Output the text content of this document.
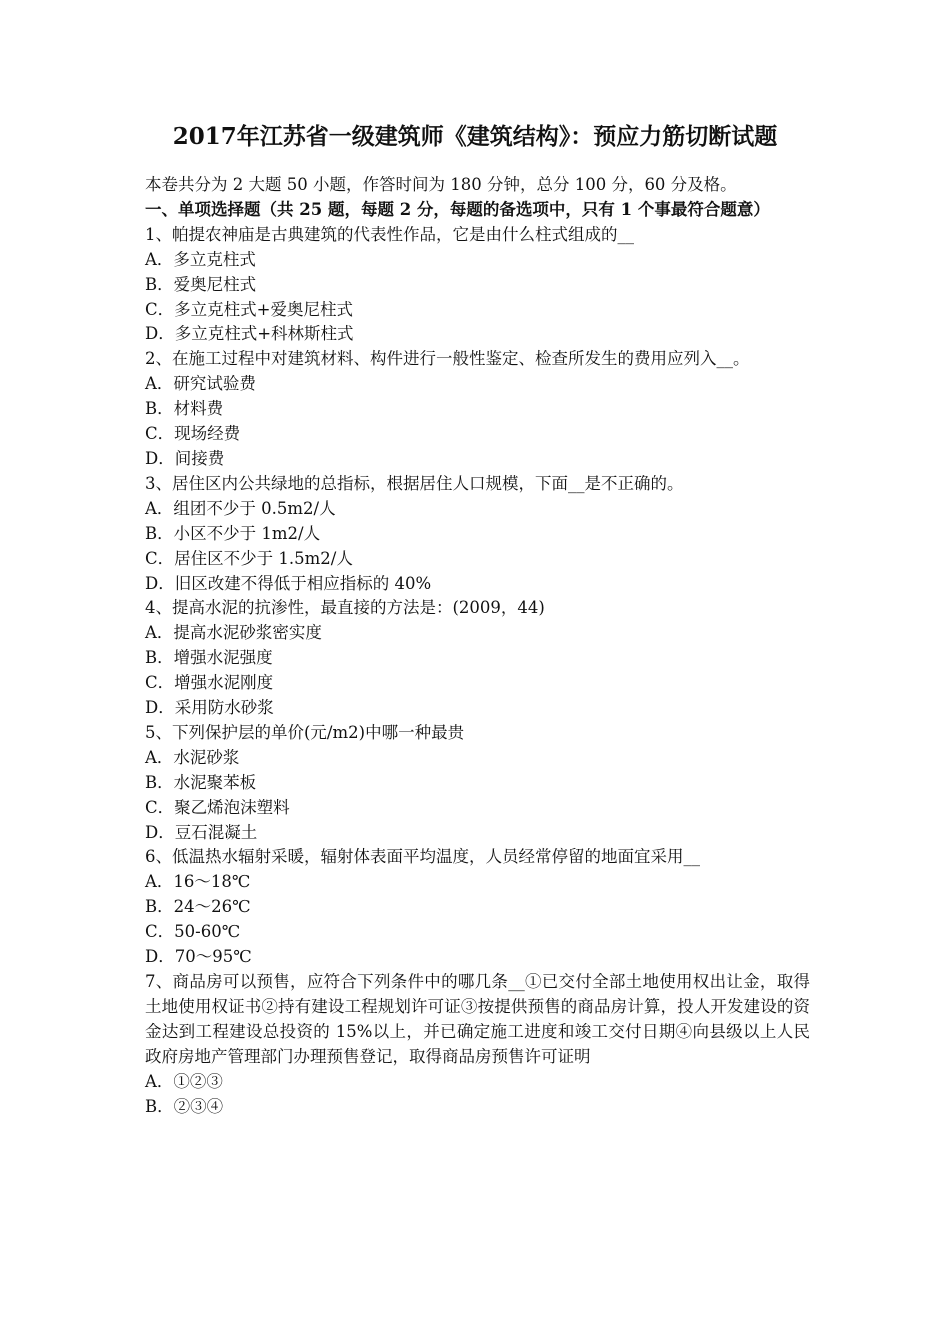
2017年江苏省一级建筑师《建筑结构》：预应力筋切断试题

本卷共分为 2 大题 50 小题，作答时间为 180 分钟，总分 100 分，60 分及格。

一、单项选择题（共 25 题，每题 2 分，每题的备选项中，只有 1 个事最符合题意）

1、帕提农神庙是古典建筑的代表性作品，它是由什么柱式组成的__

A．多立克柱式

B．爱奥尼柱式

C．多立克柱式+爱奥尼柱式

D．多立克柱式+科林斯柱式

2、在施工过程中对建筑材料、构件进行一般性鉴定、检查所发生的费用应列入__。

A．研究试验费

B．材料费

C．现场经费

D．间接费

3、居住区内公共绿地的总指标，根据居住人口规模，下面__是不正确的。

A．组团不少于 0.5m2/人

B．小区不少于 1m2/人

C．居住区不少于 1.5m2/人

D．旧区改建不得低于相应指标的 40%

4、提高水泥的抗渗性，最直接的方法是：(2009，44)

A．提高水泥砂浆密实度

B．增强水泥强度

C．增强水泥刚度

D．采用防水砂浆

5、下列保护层的单价(元/m2)中哪一种最贵

A．水泥砂浆

B．水泥聚苯板

C．聚乙烯泡沫塑料

D．豆石混凝土

6、低温热水辐射采暖，辐射体表面平均温度，人员经常停留的地面宜采用__

A．16～18℃

B．24～26℃

C．50-60℃

D．70～95℃

7、商品房可以预售，应符合下列条件中的哪几条__①已交付全部土地使用权出让金，取得土地使用权证书②持有建设工程规划许可证③按提供预售的商品房计算，投人开发建设的资金达到工程建设总投资的 15%以上，并已确定施工进度和竣工交付日期④向县级以上人民政府房地产管理部门办理预售登记，取得商品房预售许可证明

A．①②③

B．②③④
